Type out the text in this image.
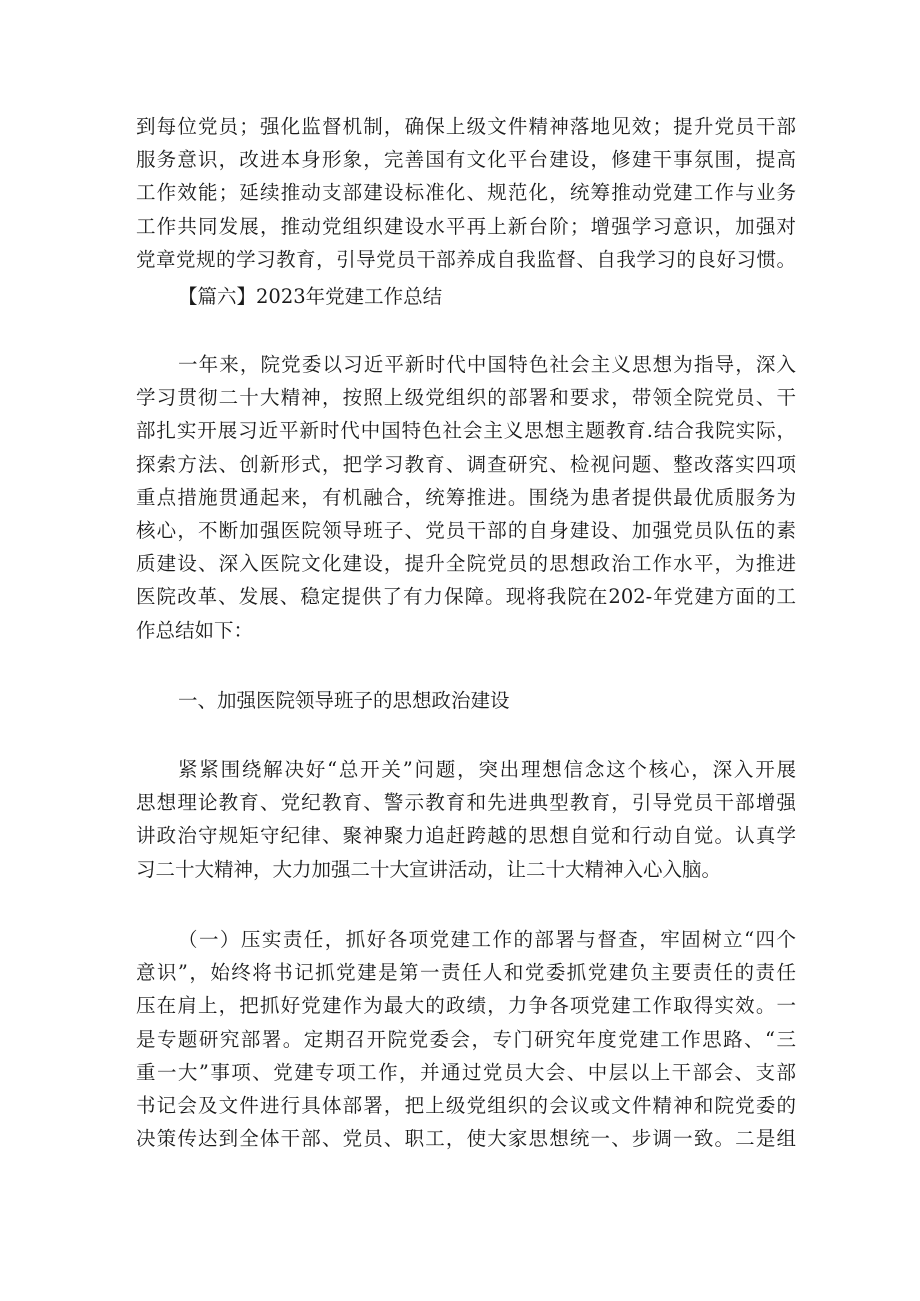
到每位党员；强化监督机制，确保上级文件精神落地见效；提升党员干部
服务意识，改进本身形象，完善国有文化平台建设，修建干事氛围，提高
工作效能；延续推动支部建设标准化、规范化，统筹推动党建工作与业务
工作共同发展，推动党组织建设水平再上新台阶；增强学习意识，加强对
党章党规的学习教育，引导党员干部养成自我监督、自我学习的良好习惯。
【篇六】2023年党建工作总结
一年来，院党委以习近平新时代中国特色社会主义思想为指导，深入
学习贯彻二十大精神，按照上级党组织的部署和要求，带领全院党员、干
部扎实开展习近平新时代中国特色社会主义思想主题教育.结合我院实际，
探索方法、创新形式，把学习教育、调查研究、检视问题、整改落实四项
重点措施贯通起来，有机融合，统筹推进。围绕为患者提供最优质服务为
核心，不断加强医院领导班子、党员干部的自身建设、加强党员队伍的素
质建设、深入医院文化建设，提升全院党员的思想政治工作水平，为推进
医院改革、发展、稳定提供了有力保障。现将我院在202-年党建方面的工
作总结如下：
一、加强医院领导班子的思想政治建设
紧紧围绕解决好“总开关”问题，突出理想信念这个核心，深入开展
思想理论教育、党纪教育、警示教育和先进典型教育，引导党员干部增强
讲政治守规矩守纪律、聚神聚力追赶跨越的思想自觉和行动自觉。认真学
习二十大精神，大力加强二十大宣讲活动，让二十大精神入心入脑。
（一）压实责任，抓好各项党建工作的部署与督查，牢固树立“四个
意识”，始终将书记抓党建是第一责任人和党委抓党建负主要责任的责任
压在肩上，把抓好党建作为最大的政绩，力争各项党建工作取得实效。一
是专题研究部署。定期召开院党委会，专门研究年度党建工作思路、“三
重一大”事项、党建专项工作，并通过党员大会、中层以上干部会、支部
书记会及文件进行具体部署，把上级党组织的会议或文件精神和院党委的
决策传达到全体干部、党员、职工，使大家思想统一、步调一致。二是组
